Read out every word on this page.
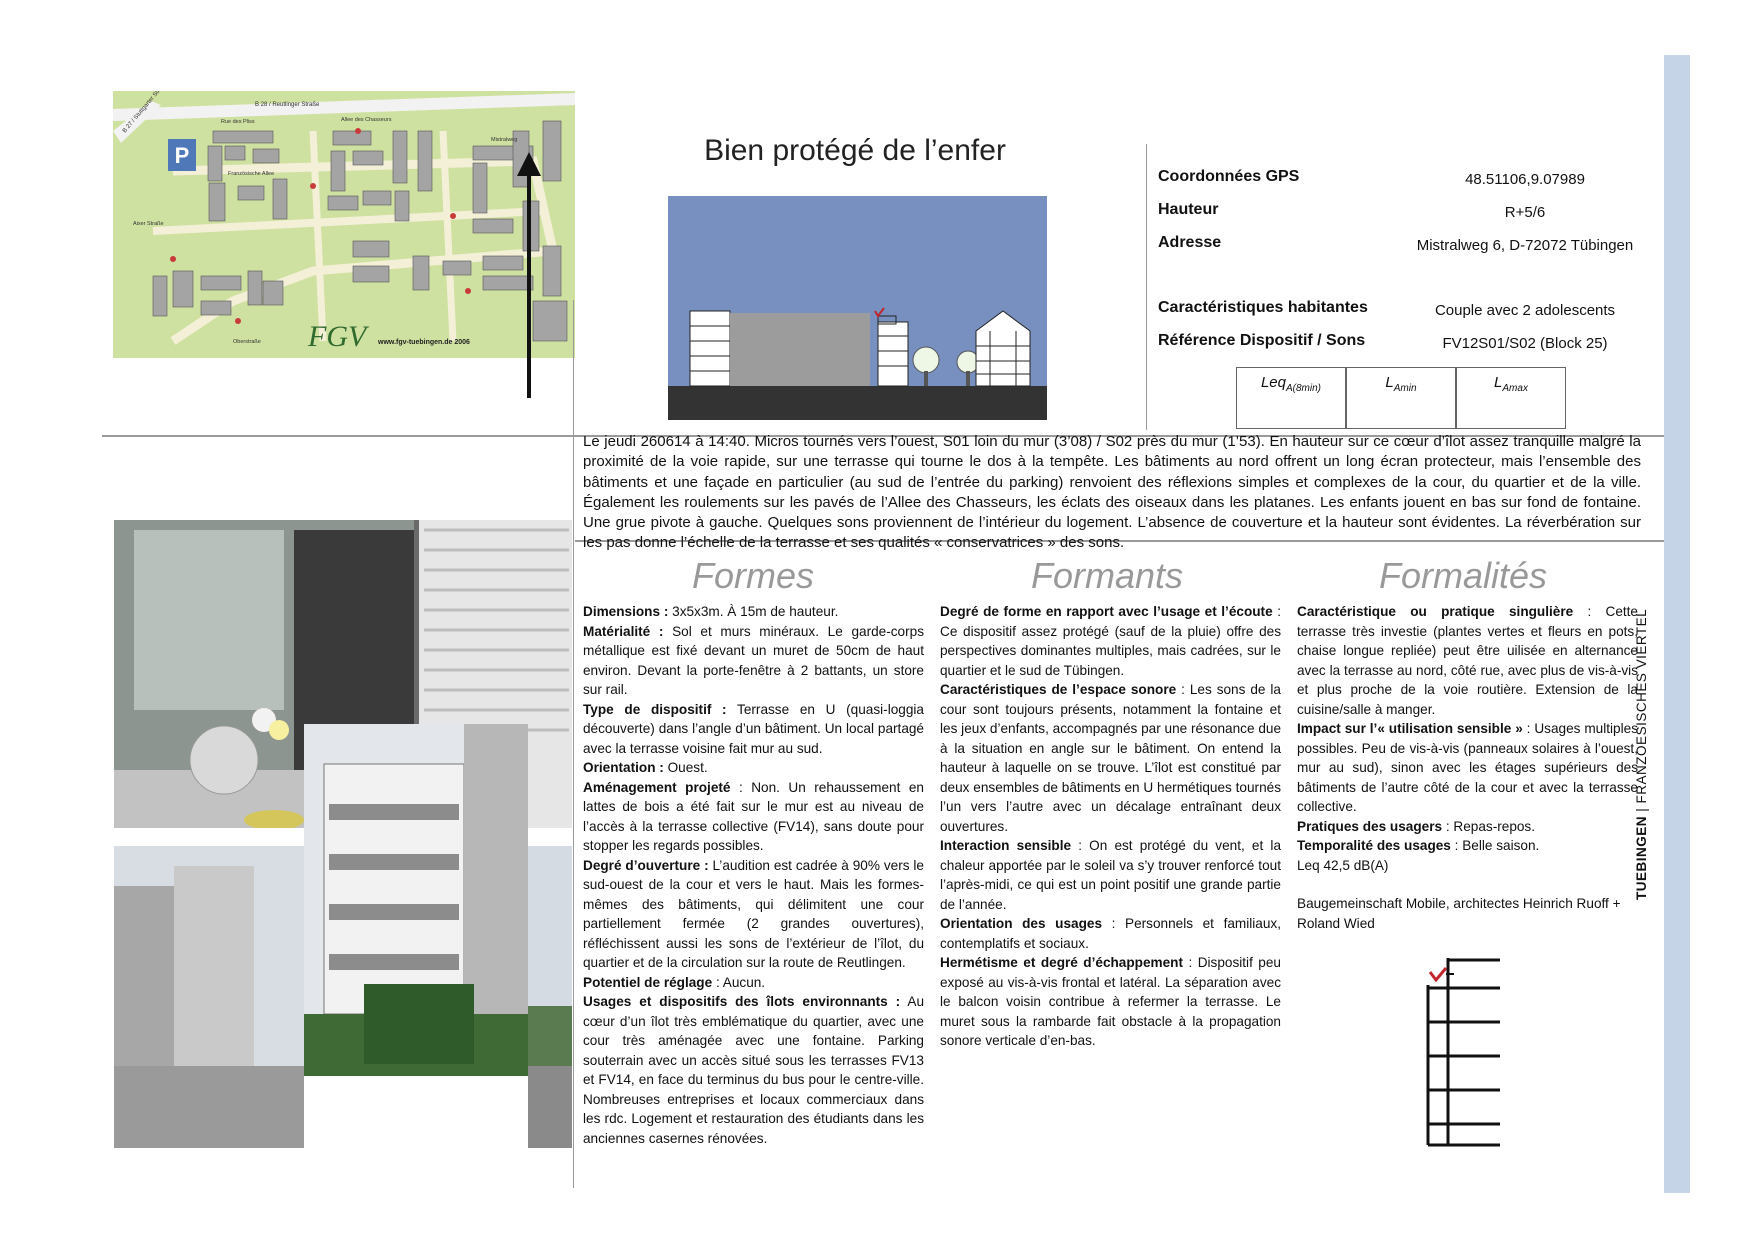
P
B 28 / Reutlinger Straße
B 27 / Stuttgarter
Aixer Straße
Französische Allee
Allee des Chasseurs
Mistralweg
Rue des Pliss
Oberstraße FGV	www.fgv-tuebingen.de 2006
Bien protégé de l’enfer
Coordonnées GPS	48.51106,9.07989
Hauteur	R+5/6
Adresse	Mistralweg 6, D-72072 Tübingen
Caractéristiques habitantes	Couple avec 2 adolescents
Référence Dispositif / Sons	FV12S01/S02 (Block 25)
Leq$_{A(8min)}$	$L_{Amin}$	$L_{Amax}$
Le jeudi 260614 à 14:40. Micros tournés vers l’ouest, S01 loin du mur (3’08) / S02 près du mur (1’53). En hauteur sur ce cœur d’îlot assez tranquille malgré la proximité de la voie rapide, sur une terrasse qui tourne le dos à la tempête. Les bâtiments au nord offrent un long écran protecteur, mais l’ensemble des bâtiments et une façade en particulier (au sud de l’entrée du parking) renvoient des réflexions simples et complexes de la cour, du quartier et de la ville. Également les roulements sur les pavés de l’Allee des Chasseurs, les éclats des oiseaux dans les platanes. Les enfants jouent en bas sur fond de fontaine. Une grue pivote à gauche. Quelques sons proviennent de l’intérieur du logement. L’absence de couverture et la hauteur sont évidentes. La réverbération sur les pas donne l’échelle de la terrasse et ses qualités « conservatrices » des sons.
Formes	Formants	Formalités

Dimensions : 3x5x3m. À 15m de hauteur.

Matérialité : Sol et murs minéraux. Le garde-corps métallique est fixé devant un muret de 50cm de haut environ. Devant la porte-fenêtre à 2 battants, un store sur rail.

Type de dispositif : Terrasse en U (quasi-loggia découverte) dans l’angle d’un bâtiment. Un local partagé avec la terrasse voisine fait mur au sud.

Orientation : Ouest.

Aménagement projeté : Non. Un rehaussement en lattes de bois a été fait sur le mur est au niveau de l’accès à la terrasse collective (FV14), sans doute pour stopper les regards possibles.

Degré d’ouverture : L’audition est cadrée à 90% vers le sud-ouest de la cour et vers le haut. Mais les formes-mêmes des bâtiments, qui délimitent une cour partiellement fermée (2 grandes ouvertures), réfléchissent aussi les sons de l’extérieur de l’îlot, du quartier et de la circulation sur la route de Reutlingen.

Potentiel de réglage : Aucun.

Usages et dispositifs des îlots environnants : Au cœur d’un îlot très emblématique du quartier, avec une cour très aménagée avec une fontaine. Parking souterrain avec un accès situé sous les terrasses FV13 et FV14, en face du terminus du bus pour le centre-ville. Nombreuses entreprises et locaux commerciaux dans les rdc. Logement et restauration des étudiants dans les anciennes casernes rénovées.

Degré de forme en rapport avec l’usage et l’écoute : Ce dispositif assez protégé (sauf de la pluie) offre des perspectives dominantes multiples, mais cadrées, sur le quartier et le sud de Tübingen.

Caractéristiques de l’espace sonore : Les sons de la cour sont toujours présents, notamment la fontaine et les jeux d’enfants, accompagnés par une résonance due à la situation en angle sur le bâtiment. On entend la hauteur à laquelle on se trouve. L’îlot est constitué par deux ensembles de bâtiments en U hermétiques tournés l’un vers l’autre avec un décalage entraînant deux ouvertures.

Interaction sensible : On est protégé du vent, et la chaleur apportée par le soleil va s’y trouver renforcé tout l’après-midi, ce qui est un point positif une grande partie de l’année.

Orientation des usages : Personnels et familiaux, contemplatifs et sociaux.

Hermétisme et degré d’échappement : Dispositif peu exposé au vis-à-vis frontal et latéral. La séparation avec le balcon voisin contribue à refermer la terrasse. Le muret sous la rambarde fait obstacle à la propagation sonore verticale d’en-bas.

Caractéristique ou pratique singulière : Cette terrasse très investie (plantes vertes et fleurs en pots, chaise longue repliée) peut être uilisée en alternance avec la terrasse au nord, côté rue, avec plus de vis-à-vis et plus proche de la voie routière. Extension de la cuisine/salle à manger.

Impact sur l’« utilisation sensible » : Usages multiples possibles. Peu de vis-à-vis (panneaux solaires à l’ouest, mur au sud), sinon avec les étages supérieurs des bâtiments de l’autre côté de la cour et avec la terrasse collective.

Pratiques des usagers : Repas-repos.

Temporalité des usages : Belle saison.

Leq 42,5 dB(A)

Baugemeinschaft Mobile, architectes Heinrich Ruoff + Roland Wied

TUEBINGEN | FRANZOESISCHES VIERTEL
